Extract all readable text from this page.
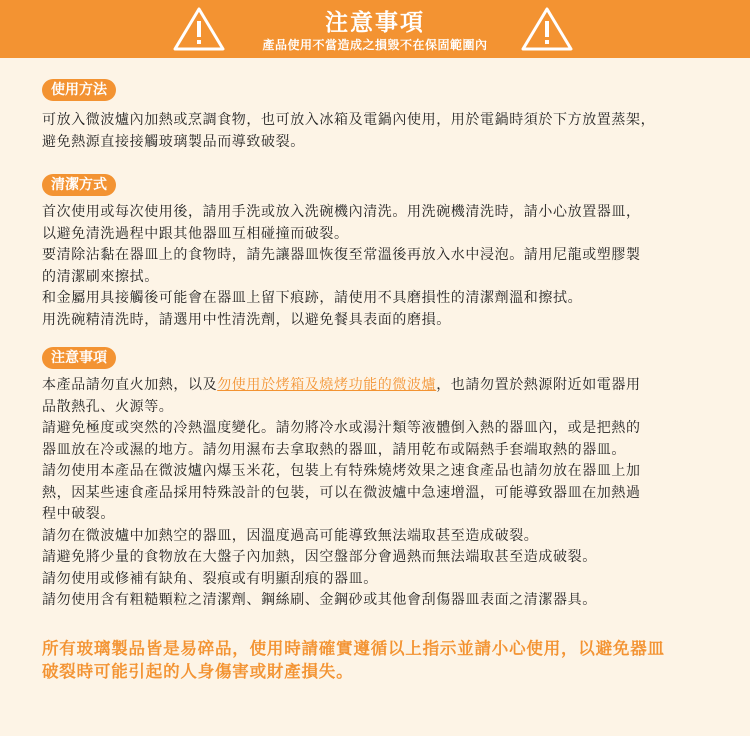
注意事項
產品使用不當造成之損毀不在保固範圍內
使用方法

可放入微波爐內加熱或烹調食物，也可放入冰箱及電鍋內使用，用於電鍋時須於下方放置蒸架，

避免熱源直接接觸玻璃製品而導致破裂。

清潔方式

首次使用或每次使用後，請用手洗或放入洗碗機內清洗。用洗碗機清洗時，請小心放置器皿，

以避免清洗過程中跟其他器皿互相碰撞而破裂。

要清除沾黏在器皿上的食物時，請先讓器皿恢復至常溫後再放入水中浸泡。請用尼龍或塑膠製

的清潔刷來擦拭。

和金屬用具接觸後可能會在器皿上留下痕跡，請使用不具磨損性的清潔劑溫和擦拭。

用洗碗精清洗時，請選用中性清洗劑，以避免餐具表面的磨損。

注意事項

本產品請勿直火加熱，以及勿使用於烤箱及燒烤功能的微波爐，也請勿置於熱源附近如電器用

品散熱孔、火源等。

請避免極度或突然的冷熱溫度變化。請勿將冷水或湯汁類等液體倒入熱的器皿內，或是把熱的

器皿放在冷或濕的地方。請勿用濕布去拿取熱的器皿，請用乾布或隔熱手套端取熱的器皿。

請勿使用本產品在微波爐內爆玉米花，包裝上有特殊燒烤效果之速食產品也請勿放在器皿上加

熱，因某些速食產品採用特殊設計的包裝，可以在微波爐中急速增溫，可能導致器皿在加熱過

程中破裂。

請勿在微波爐中加熱空的器皿，因溫度過高可能導致無法端取甚至造成破裂。

請避免將少量的食物放在大盤子內加熱，因空盤部分會過熱而無法端取甚至造成破裂。

請勿使用或修補有缺角、裂痕或有明顯刮痕的器皿。

請勿使用含有粗糙顆粒之清潔劑、鋼絲刷、金鋼砂或其他會刮傷器皿表面之清潔器具。

所有玻璃製品皆是易碎品，使用時請確實遵循以上指示並請小心使用，以避免器皿
破裂時可能引起的人身傷害或財產損失。
